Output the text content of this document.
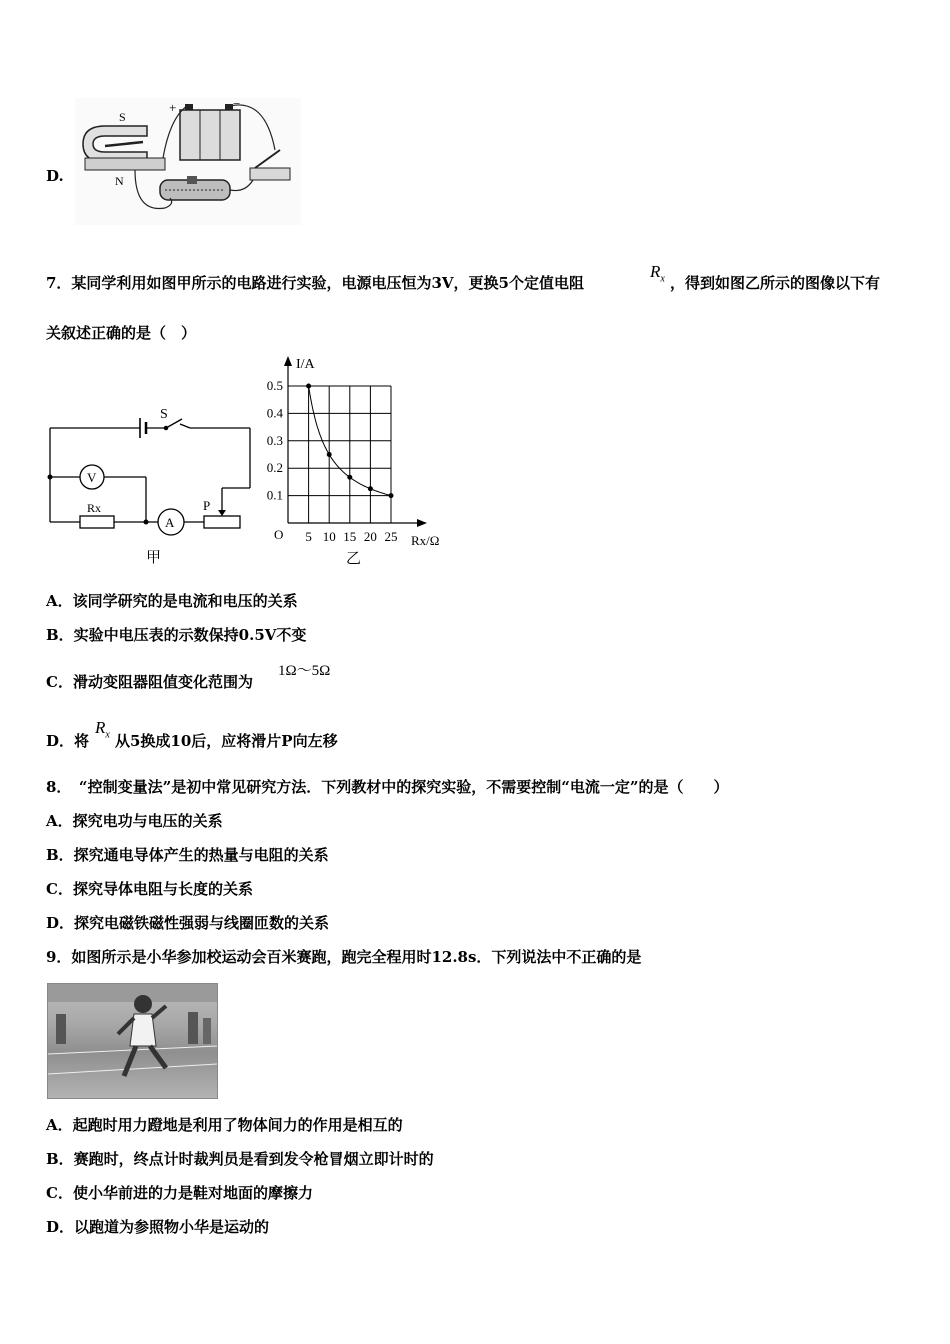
D.
S
N
+	−
7．某同学利用如图甲所示的电路进行实验，电源电压恒为3V，更换5个定值电阻
$R_x$ ，得到如图乙所示的图像以下有
关叙述正确的是（　）
S
V
Rx
A
P
甲
5 10 15 20 25
0.1
0.2
0.3
0.4
0.5
I/A
Rx/Ω
O
乙
A．该同学研究的是电流和电压的关系
B．实验中电压表的示数保持0.5V不变
C．滑动变阻器阻值变化范围为
1Ω～5Ω
D．将
$R_x$ 从5换成10后，应将滑片P向左移
8．　“控制变量法”是初中常见研究方法．下列教材中的探究实验，不需要控制“电流一定”的是（　　）
A．探究电功与电压的关系
B．探究通电导体产生的热量与电阻的关系
C．探究导体电阻与长度的关系
D．探究电磁铁磁性强弱与线圈匝数的关系
9．如图所示是小华参加校运动会百米赛跑，跑完全程用时12.8s．下列说法中不正确的是
A．起跑时用力蹬地是利用了物体间力的作用是相互的
B．赛跑时，终点计时裁判员是看到发令枪冒烟立即计时的
C．使小华前进的力是鞋对地面的摩擦力
D．以跑道为参照物小华是运动的
